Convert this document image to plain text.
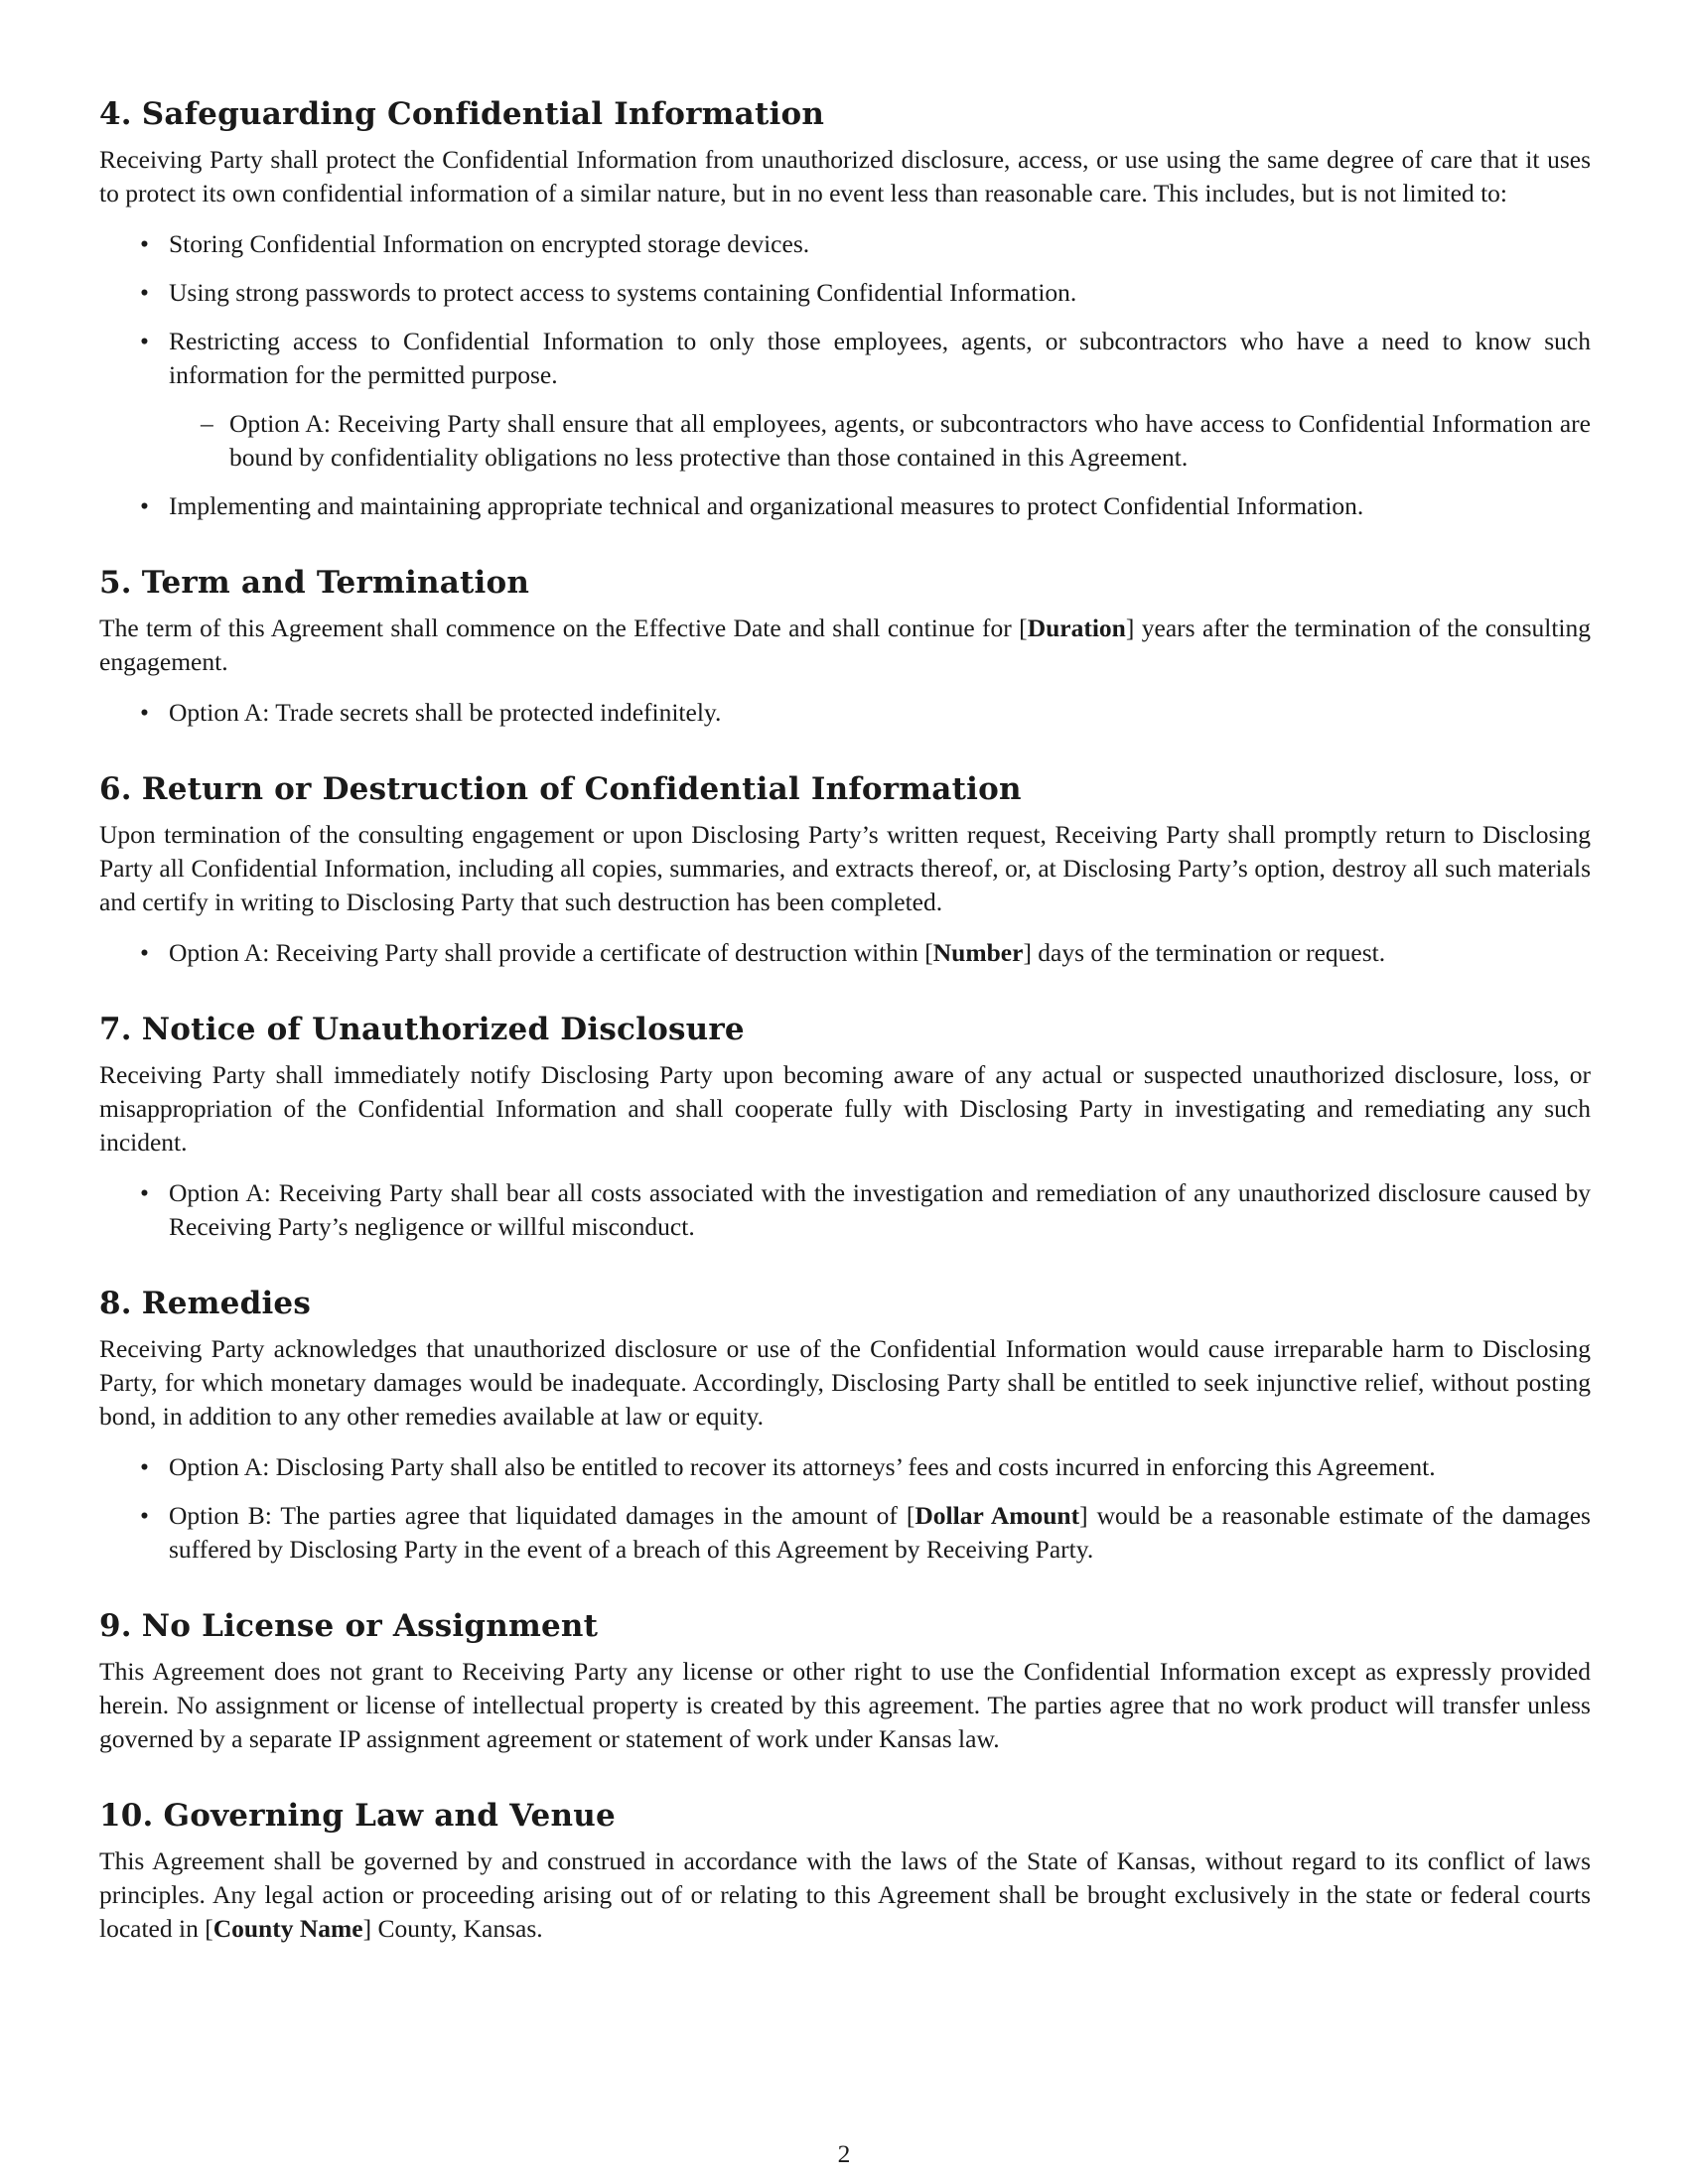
4. Safeguarding Confidential Information

Receiving Party shall protect the Confidential Information from unauthorized disclosure, access, or use using the same degree of care that it uses to protect its own confidential information of a similar nature, but in no event less than reasonable care. This includes, but is not limited to:

• Storing Confidential Information on encrypted storage devices.
• Using strong passwords to protect access to systems containing Confidential Information.
• Restricting access to Confidential Information to only those employees, agents, or subcontractors who have a need to know such information for the permitted purpose.
– Option A: Receiving Party shall ensure that all employees, agents, or subcontractors who have access to Confidential Information are bound by confidentiality obligations no less protective than those contained in this Agreement.
• Implementing and maintaining appropriate technical and organizational measures to protect Confidential Information.
5. Term and Termination

The term of this Agreement shall commence on the Effective Date and shall continue for [Duration] years after the termination of the consulting engagement.

• Option A: Trade secrets shall be protected indefinitely.
6. Return or Destruction of Confidential Information

Upon termination of the consulting engagement or upon Disclosing Party’s written request, Receiving Party shall promptly return to Disclosing Party all Confidential Information, including all copies, summaries, and extracts thereof, or, at Disclosing Party’s option, destroy all such materials and certify in writing to Disclosing Party that such destruction has been completed.

• Option A: Receiving Party shall provide a certificate of destruction within [Number] days of the termination or request.
7. Notice of Unauthorized Disclosure

Receiving Party shall immediately notify Disclosing Party upon becoming aware of any actual or suspected unauthorized disclosure, loss, or misappropriation of the Confidential Information and shall cooperate fully with Disclosing Party in investigating and remediating any such incident.

• Option A: Receiving Party shall bear all costs associated with the investigation and remediation of any unauthorized disclosure caused by Receiving Party’s negligence or willful misconduct.
8. Remedies

Receiving Party acknowledges that unauthorized disclosure or use of the Confidential Information would cause irreparable harm to Disclosing Party, for which monetary damages would be inadequate. Accordingly, Disclosing Party shall be entitled to seek injunctive relief, without posting bond, in addition to any other remedies available at law or equity.

• Option A: Disclosing Party shall also be entitled to recover its attorneys’ fees and costs incurred in enforcing this Agreement.
• Option B: The parties agree that liquidated damages in the amount of [Dollar Amount] would be a reasonable estimate of the damages suffered by Disclosing Party in the event of a breach of this Agreement by Receiving Party.
9. No License or Assignment

This Agreement does not grant to Receiving Party any license or other right to use the Confidential Information except as expressly provided herein. No assignment or license of intellectual property is created by this agreement. The parties agree that no work product will transfer unless governed by a separate IP assignment agreement or statement of work under Kansas law.

10. Governing Law and Venue

This Agreement shall be governed by and construed in accordance with the laws of the State of Kansas, without regard to its conflict of laws principles. Any legal action or proceeding arising out of or relating to this Agreement shall be brought exclusively in the state or federal courts located in [County Name] County, Kansas.

2
